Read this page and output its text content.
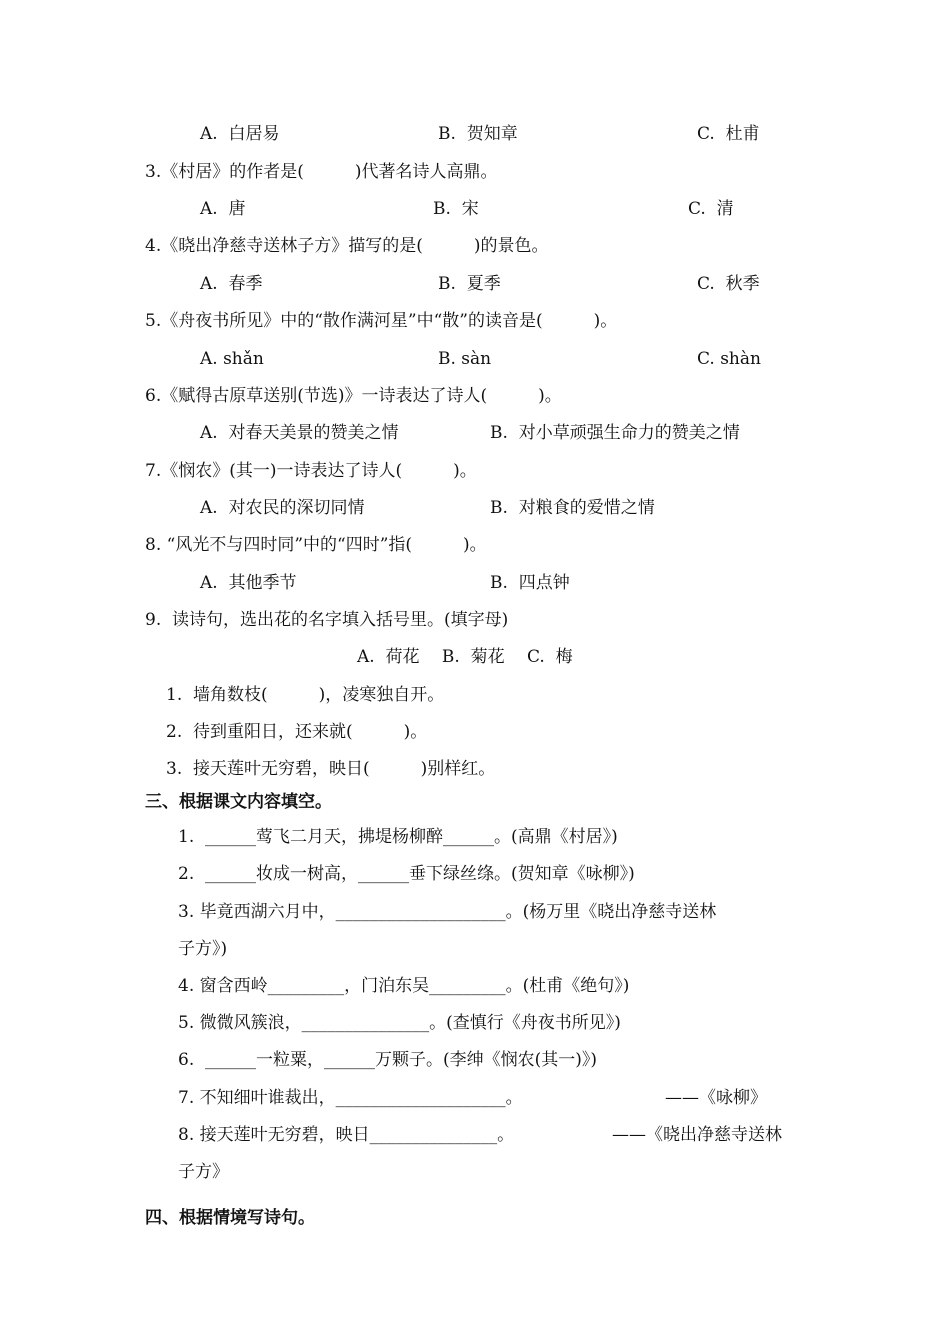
A.  白居易	B.  贺知章	C.  杜甫
3.《村居》的作者是(　　　)代著名诗人高鼎。
A.  唐	B.  宋	C.  清
4.《晓出净慈寺送林子方》描写的是(　　　)的景色。
A.  春季	B.  夏季	C.  秋季
5.《舟夜书所见》中的“散作满河星”中“散”的读音是(　　　)。
A. shǎn	B. sàn	C. shàn
6.《赋得古原草送别(节选)》一诗表达了诗人(　　　)。
A.  对春天美景的赞美之情	B.  对小草顽强生命力的赞美之情
7.《悯农》(其一)一诗表达了诗人(　　　)。
A.  对农民的深切同情	B.  对粮食的爱惜之情
8. “风光不与四时同”中的“四时”指(　　　)。
A.  其他季节	B.  四点钟
9.  读诗句，选出花的名字填入括号里。(填字母)
A.  荷花　 B.  菊花　 C.  梅
1.  墙角数枝(　　　)，凌寒独自开。
2.  待到重阳日，还来就(　　　)。
3.  接天莲叶无穷碧，映日(　　　)别样红。
三、根据课文内容填空。
1.  ______莺飞二月天，拂堤杨柳醉______。(高鼎《村居》)
2.  ______妆成一树高，______垂下绿丝绦。(贺知章《咏柳》)
3. 毕竟西湖六月中，____________________。(杨万里《晓出净慈寺送林
子方》)
4. 窗含西岭_________，门泊东吴_________。(杜甫《绝句》)
5. 微微风簇浪，_______________。(查慎行《舟夜书所见》)
6.  ______一粒粟，______万颗子。(李绅《悯农(其一)》)
7. 不知细叶谁裁出，____________________。	——《咏柳》
8. 接天莲叶无穷碧，映日_______________。	——《晓出净慈寺送林
子方》
四、根据情境写诗句。
